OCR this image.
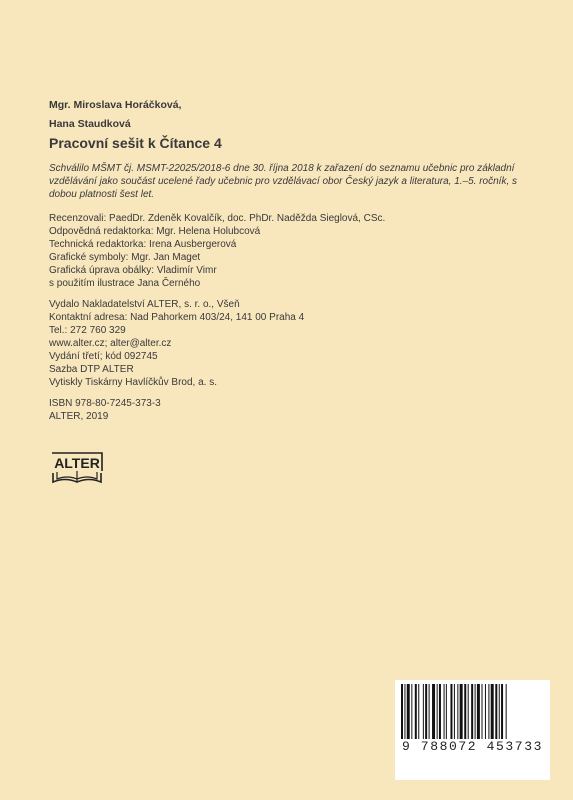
Mgr. Miroslava Horáčková,
Hana Staudková
Pracovní sešit k Čítance 4
Schválilo MŠMT čj. MSMT-22025/2018-6 dne 30. října 2018 k zařazení do seznamu učebnic pro základní vzdělávání jako součást ucelené řady učebnic pro vzdělávací obor Český jazyk a literatura, 1.–5. ročník, s dobou platnosti šest let.
Recenzovali: PaedDr. Zdeněk Kovalčík, doc. PhDr. Naděžda Sieglová, CSc.
Odpovědná redaktorka: Mgr. Helena Holubcová
Technická redaktorka: Irena Ausbergerová
Grafické symboly: Mgr. Jan Maget
Grafická úprava obálky: Vladimír Vimr
s použitím ilustrace Jana Černého
Vydalo Nakladatelství ALTER, s. r. o., Všeň
Kontaktní adresa: Nad Pahorkem 403/24, 141 00 Praha 4
Tel.: 272 760 329
www.alter.cz; alter@alter.cz
Vydání třetí; kód 092745
Sazba DTP ALTER
Vytiskly Tiskárny Havlíčkův Brod, a. s.
ISBN 978-80-7245-373-3
ALTER, 2019
ALTER
9 788072 453733
